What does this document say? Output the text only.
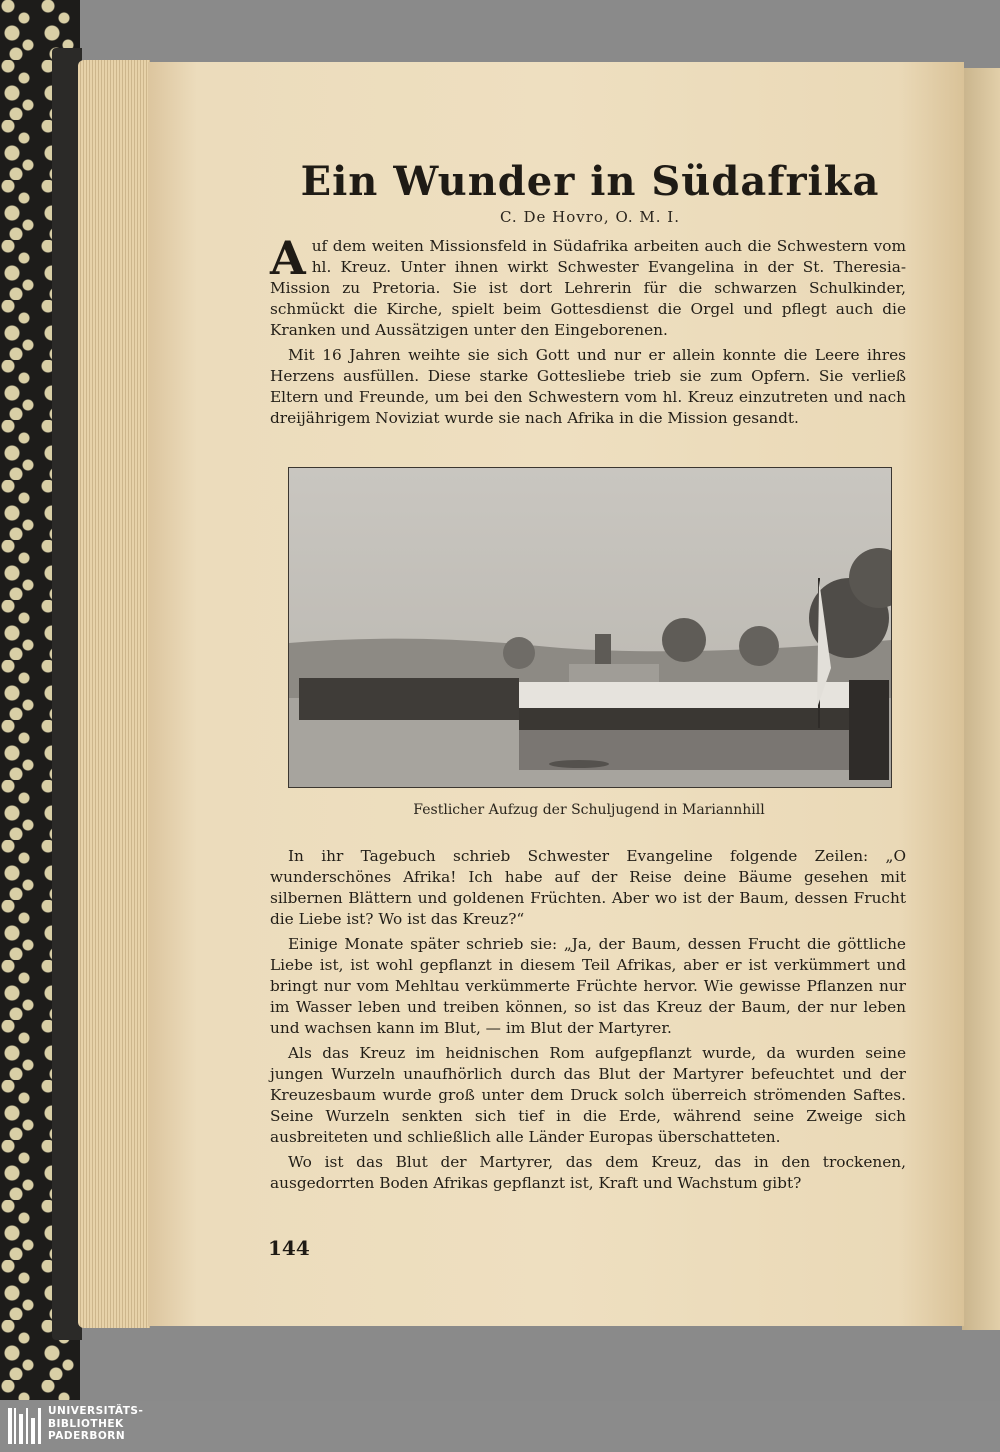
Ein Wunder in Südafrika
C. De Hovro, O. M. I.

Auf dem weiten Missionsfeld in Südafrika arbeiten auch die Schwestern vom hl. Kreuz. Unter ihnen wirkt Schwester Evangelina in der St. Theresia-Mission zu Pretoria. Sie ist dort Lehrerin für die schwarzen Schulkinder, schmückt die Kirche, spielt beim Gottesdienst die Orgel und pflegt auch die Kranken und Aussätzigen unter den Eingeborenen.

Mit 16 Jahren weihte sie sich Gott und nur er allein konnte die Leere ihres Herzens ausfüllen. Diese starke Gottesliebe trieb sie zum Opfern. Sie verließ Eltern und Freunde, um bei den Schwestern vom hl. Kreuz einzutreten und nach dreijährigem Noviziat wurde sie nach Afrika in die Mission gesandt.

Festlicher Aufzug der Schuljugend in Mariannhill

In ihr Tagebuch schrieb Schwester Evangeline folgende Zeilen: „O wunderschönes Afrika! Ich habe auf der Reise deine Bäume gesehen mit silbernen Blättern und goldenen Früchten. Aber wo ist der Baum, dessen Frucht die Liebe ist? Wo ist das Kreuz?“

Einige Monate später schrieb sie: „Ja, der Baum, dessen Frucht die göttliche Liebe ist, ist wohl gepflanzt in diesem Teil Afrikas, aber er ist verkümmert und bringt nur vom Mehltau verkümmerte Früchte hervor. Wie gewisse Pflanzen nur im Wasser leben und treiben können, so ist das Kreuz der Baum, der nur leben und wachsen kann im Blut, — im Blut der Martyrer.

Als das Kreuz im heidnischen Rom aufgepflanzt wurde, da wurden seine jungen Wurzeln unaufhörlich durch das Blut der Martyrer befeuchtet und der Kreuzesbaum wurde groß unter dem Druck solch überreich strömenden Saftes. Seine Wurzeln senkten sich tief in die Erde, während seine Zweige sich ausbreiteten und schließlich alle Länder Europas überschatteten.

Wo ist das Blut der Martyrer, das dem Kreuz, das in den trockenen, ausgedorrten Boden Afrikas gepflanzt ist, Kraft und Wachstum gibt?

144
UNIVERSITÄTS-
BIBLIOTHEK
PADERBORN
